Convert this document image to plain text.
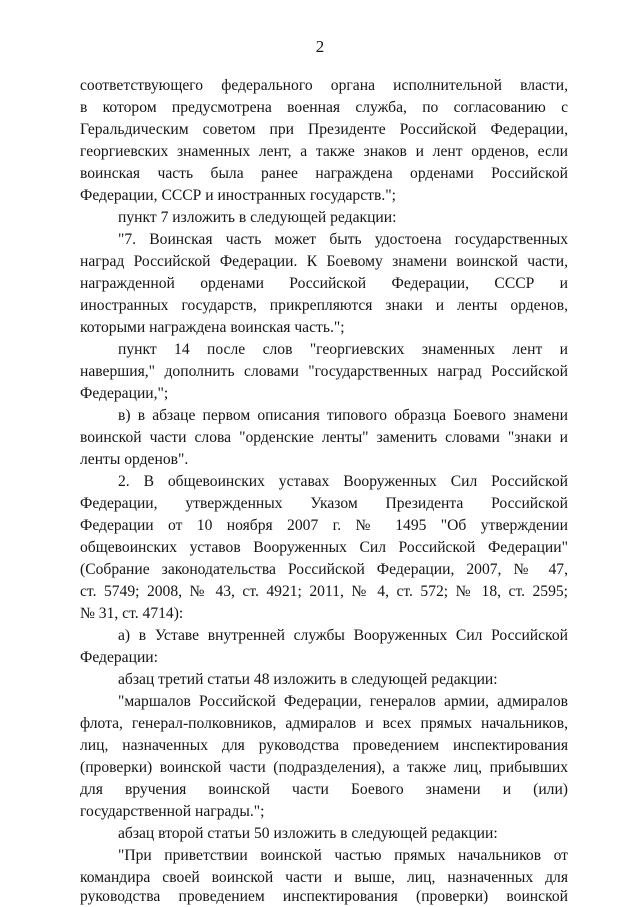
2
соответствующего федерального органа исполнительной власти,
в котором предусмотрена военная служба, по согласованию с
Геральдическим советом при Президенте Российской Федерации,
георгиевских знаменных лент, а также знаков и лент орденов, если
воинская часть была ранее награждена орденами Российской
Федерации, СССР и иностранных государств.";
пункт 7 изложить в следующей редакции:
"7. Воинская часть может быть удостоена государственных
наград Российской Федерации. К Боевому знамени воинской части,
награжденной орденами Российской Федерации, СССР и
иностранных государств, прикрепляются знаки и ленты орденов,
которыми награждена воинская часть.";
пункт 14 после слов "георгиевских знаменных лент и
навершия," дополнить словами "государственных наград Российской
Федерации,";
в) в абзаце первом описания типового образца Боевого знамени
воинской части слова "орденские ленты" заменить словами "знаки и
ленты орденов".
2. В общевоинских уставах Вооруженных Сил Российской
Федерации, утвержденных Указом Президента Российской
Федерации от 10 ноября 2007 г. № 1495 "Об утверждении
общевоинских уставов Вооруженных Сил Российской Федерации"
(Собрание законодательства Российской Федерации, 2007, № 47,
ст. 5749; 2008, № 43, ст. 4921; 2011, № 4, ст. 572; № 18, ст. 2595;
№ 31, ст. 4714):
а) в Уставе внутренней службы Вооруженных Сил Российской
Федерации:
абзац третий статьи 48 изложить в следующей редакции:
"маршалов Российской Федерации, генералов армии, адмиралов
флота, генерал-полковников, адмиралов и всех прямых начальников,
лиц, назначенных для руководства проведением инспектирования
(проверки) воинской части (подразделения), а также лиц, прибывших
для вручения воинской части Боевого знамени и (или)
государственной награды.";
абзац второй статьи 50 изложить в следующей редакции:
"При приветствии воинской частью прямых начальников от
командира своей воинской части и выше, лиц, назначенных для
руководства проведением инспектирования (проверки) воинской
